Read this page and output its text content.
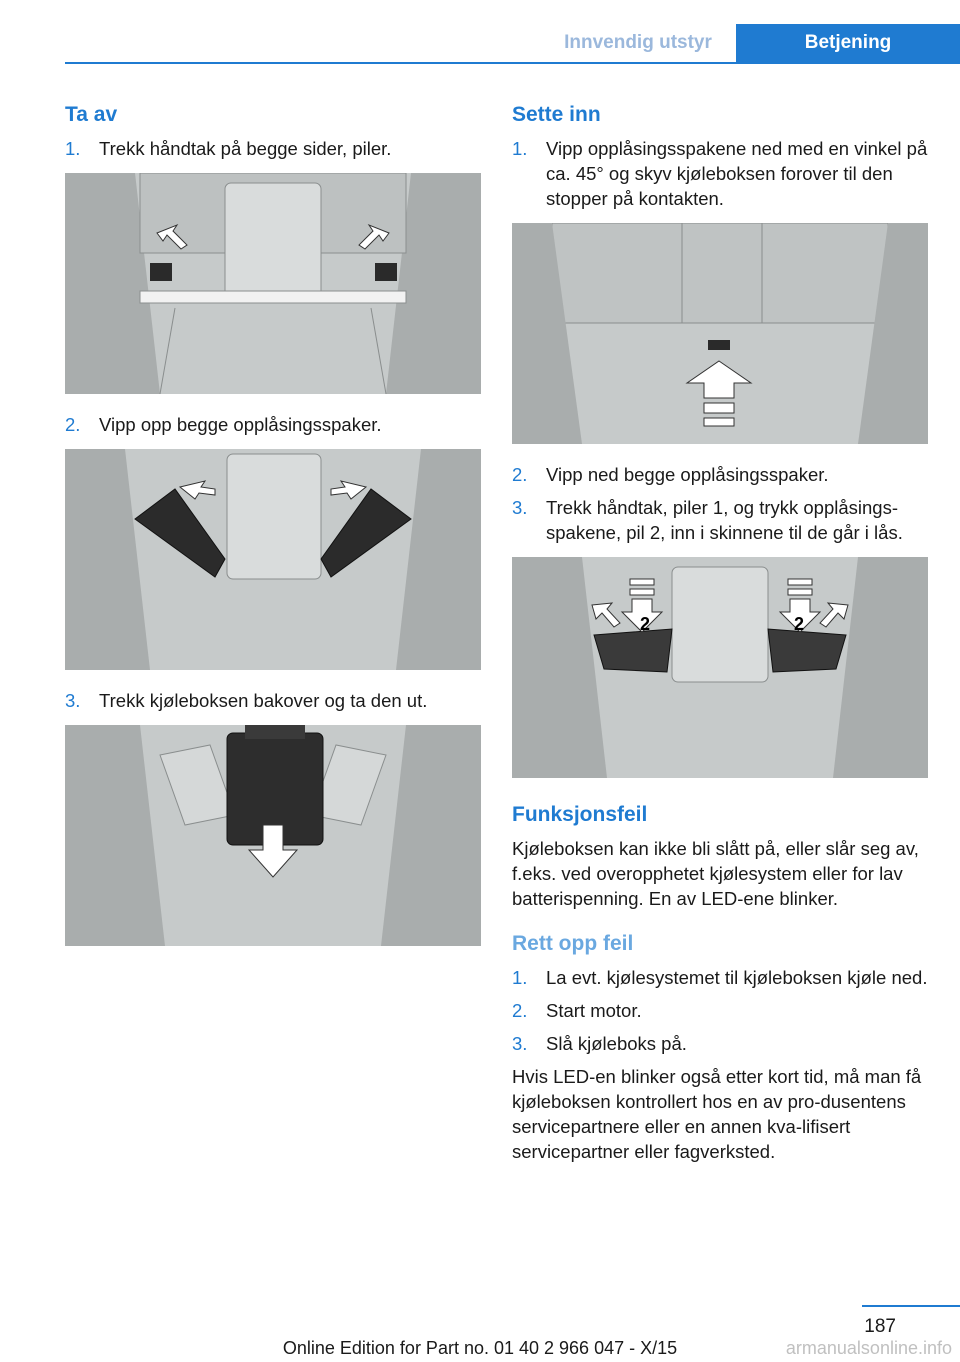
Innvendig utstyr	Betjening
Ta av
1.	Trekk håndtak på begge sider, piler.
2.	Vipp opp begge opplåsingsspaker.
3.	Trekk kjøleboksen bakover og ta den ut.
Sette inn
1.	Vipp opplåsingsspakene ned med en vinkel på ca. 45° og skyv kjøleboksen forover til den stopper på kontakten.
2.	Vipp ned begge opplåsingsspaker.
3.	Trekk håndtak, piler 1, og trykk opplåsings‐spakene, pil 2, inn i skinnene til de går i lås.
2	2
Funksjonsfeil

Kjøleboksen kan ikke bli slått på, eller slår seg av, f.eks. ved overopphetet kjølesystem eller for lav batterispenning. En av LED-ene blinker.

Rett opp feil
1.	La evt. kjølesystemet til kjøleboksen kjøle ned.
2.	Start motor.
3.	Slå kjøleboks på.

Hvis LED-en blinker også etter kort tid, må man få kjøleboksen kontrollert hos en av pro‐dusentens servicepartnere eller en annen kva‐lifisert servicepartner eller fagverksted.

187
Online Edition for Part no. 01 40 2 966 047 - X/15	armanualsonline.info
